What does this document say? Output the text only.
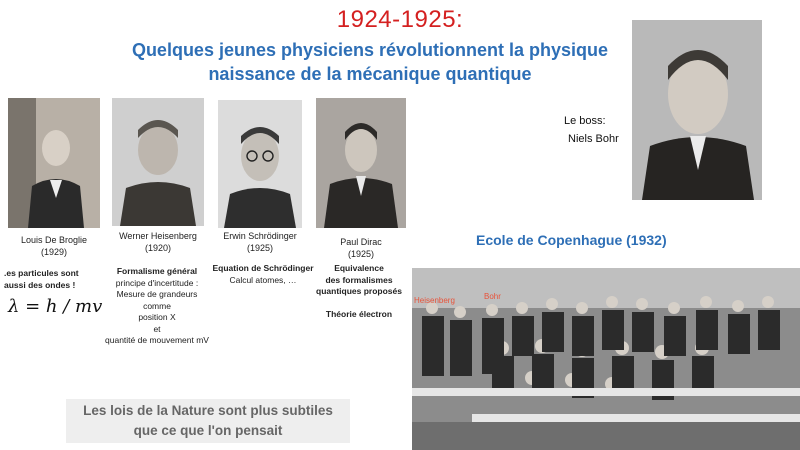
1924-1925:
Quelques jeunes physiciens révolutionnent la physique
naissance de la mécanique quantique
Louis De Broglie
(1929)
.es particules sont
aussi des ondes !
λ = h / mv
Werner Heisenberg
(1920)
Formalisme général
principe d'incertitude :
Mesure de grandeurs
comme
position X
et
quantité de mouvement mV
Erwin Schrödinger
(1925)
Equation de Schrödinger
Calcul atomes, …
Paul Dirac
(1925)
Equivalence
des formalismes
quantiques proposés
Théorie électron
Le boss:
Niels Bohr
Ecole de Copenhague (1932)
Heisenberg	Bohr
Les lois de la Nature sont plus subtiles
que ce que l'on pensait
